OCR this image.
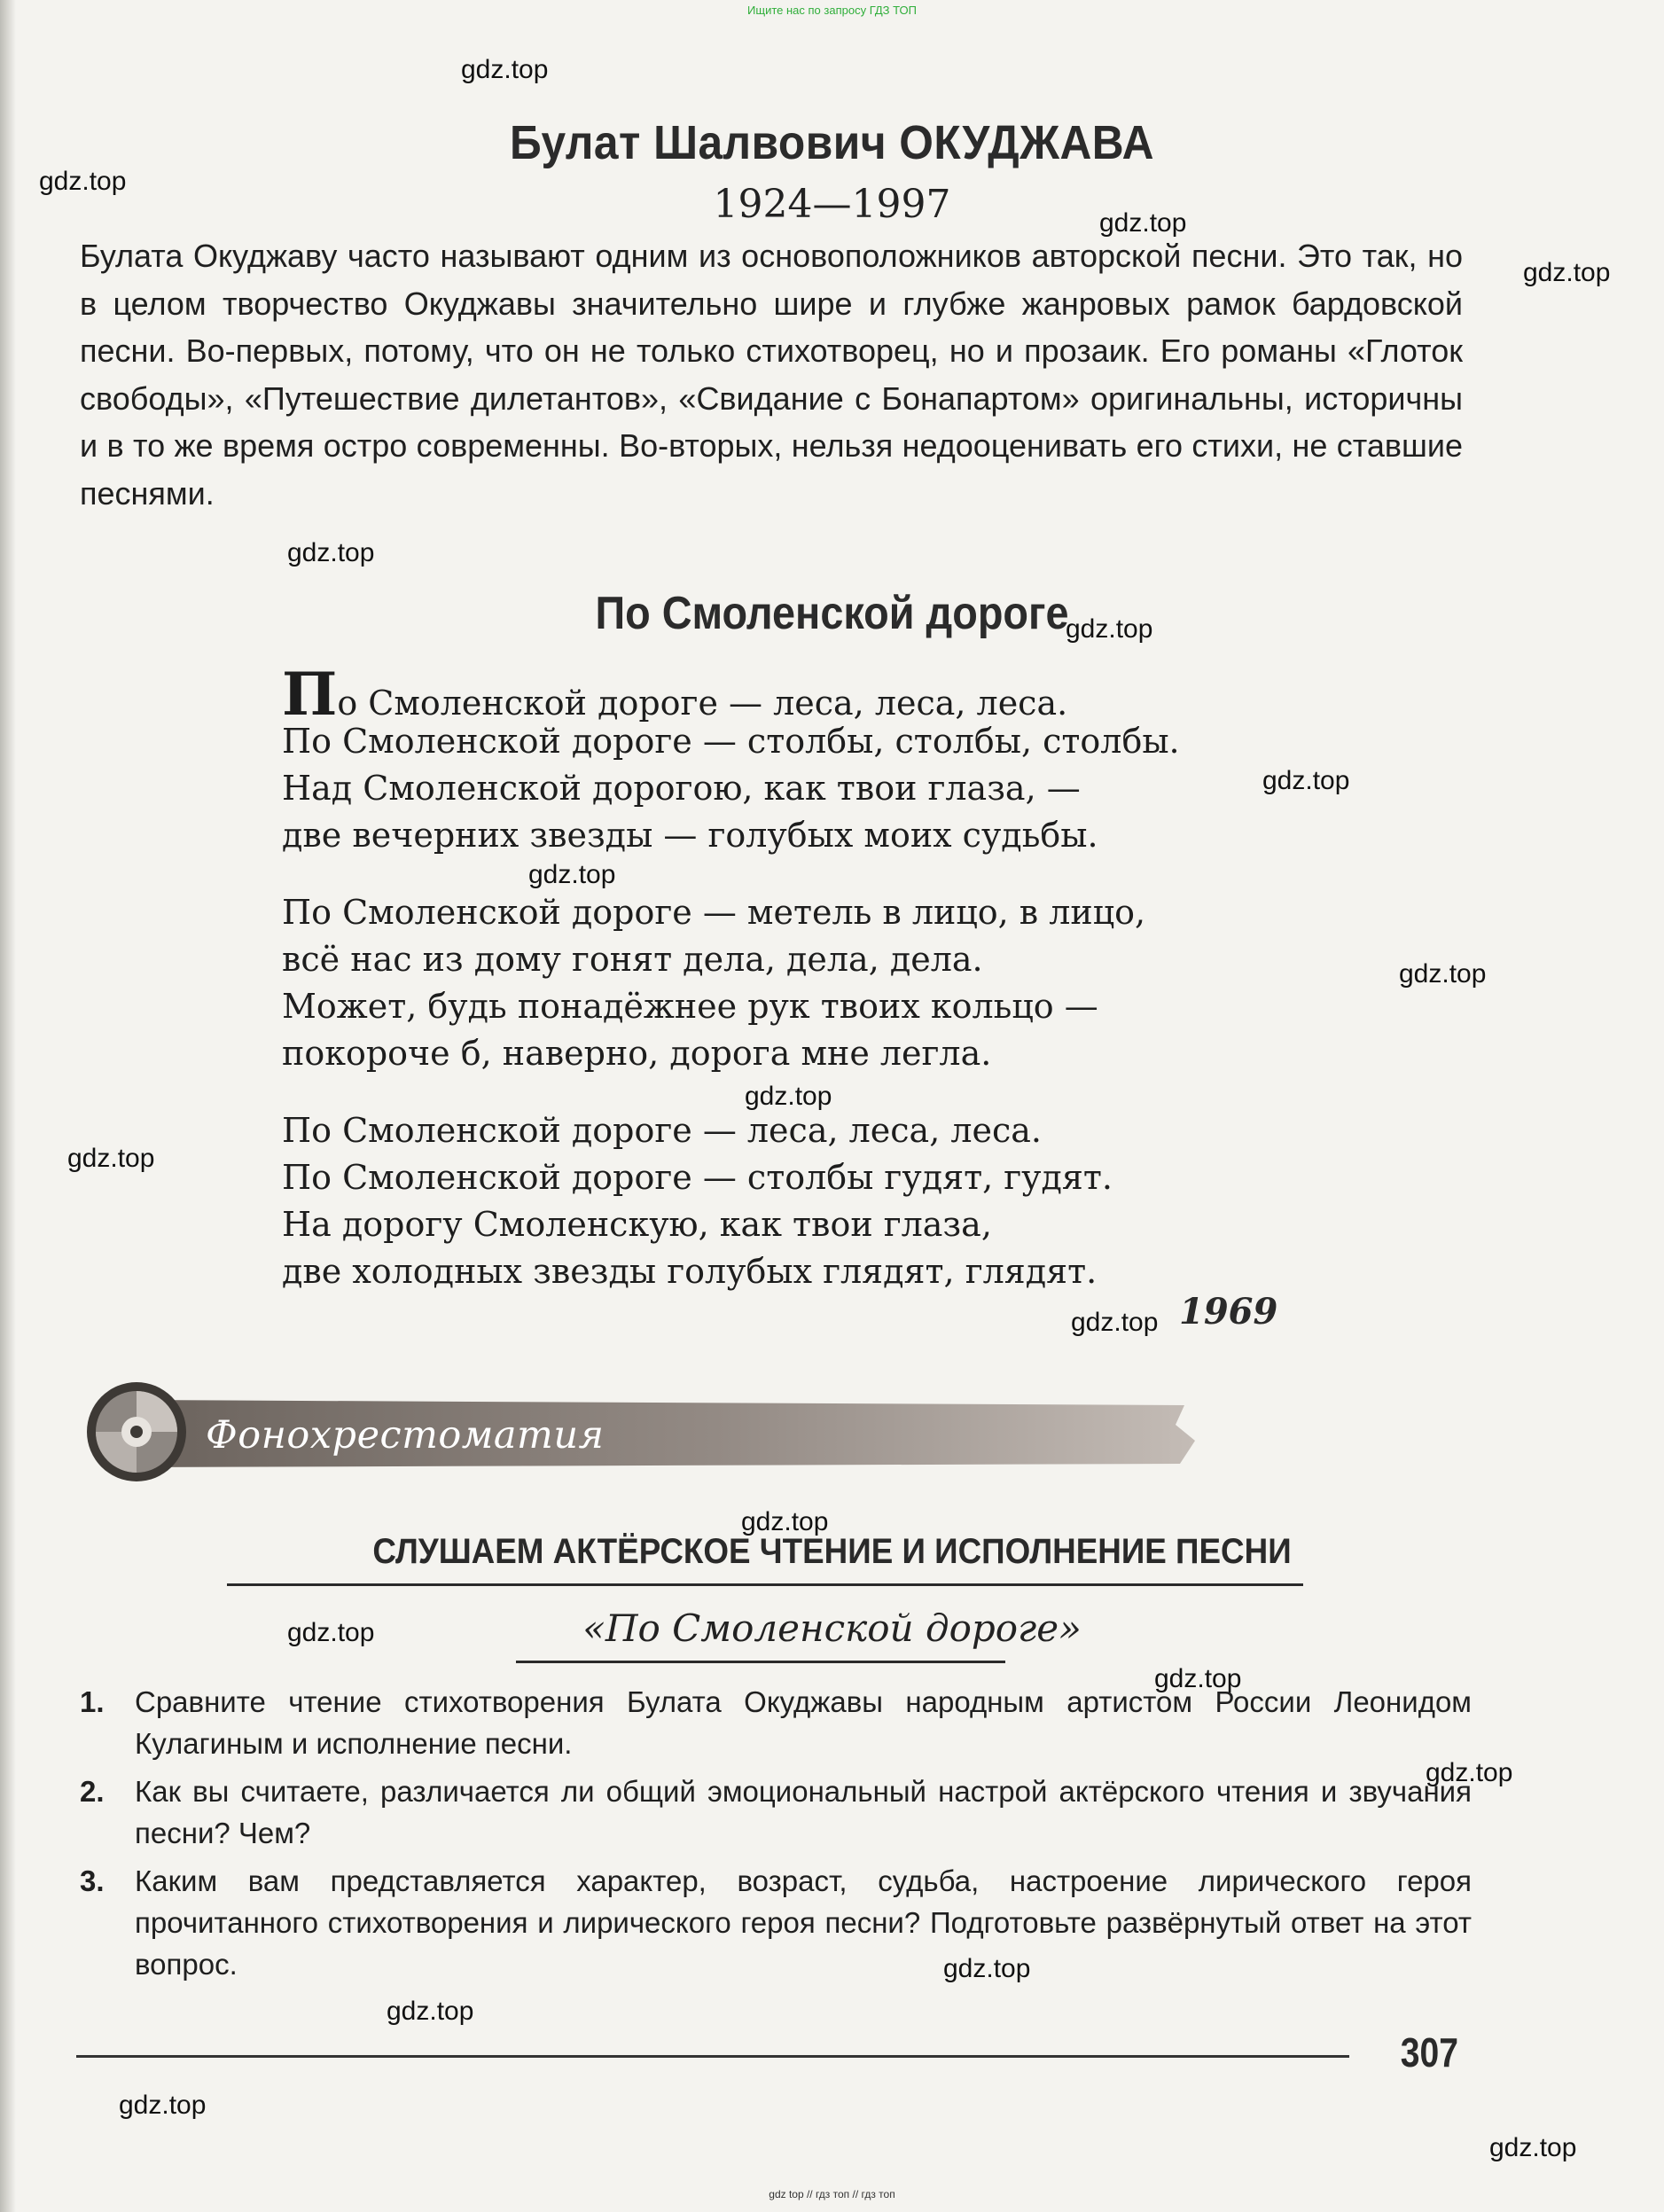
Ищите нас по запросу ГДЗ ТОП
gdz.top
gdz.top
gdz.top
gdz.top
gdz.top
gdz.top
gdz.top
gdz.top
gdz.top
gdz.top
gdz.top
gdz.top
gdz.top
gdz.top
gdz.top
gdz.top
gdz.top
gdz.top
gdz.top
gdz.top
Булат Шалвович ОКУДЖАВА
1924—1997
Булата Окуджаву часто называют одним из основоположников авторской песни. Это так, но в целом творчество Окуджавы значительно шире и глубже жанровых рамок бардовской песни. Во-первых, потому, что он не только стихотворец, но и прозаик. Его романы «Глоток свободы», «Путешествие дилетантов», «Свидание с Бонапартом» оригинальны, историчны и в то же время остро современны. Во-вторых, нельзя недооценивать его стихи, не ставшие песнями.
По Смоленской дороге
По Смоленской дороге — леса, леса, леса.
По Смоленской дороге — столбы, столбы, столбы.
Над Смоленской дорогою, как твои глаза, —
две вечерних звезды — голубых моих судьбы.
По Смоленской дороге — метель в лицо, в лицо,
всё нас из дому гонят дела, дела, дела.
Может, будь понадёжнее рук твоих кольцо —
покороче б, наверно, дорога мне легла.
По Смоленской дороге — леса, леса, леса.
По Смоленской дороге — столбы гудят, гудят.
На дорогу Смоленскую, как твои глаза,
две холодных звезды голубых глядят, глядят.
1969
Фонохрестоматия
СЛУШАЕМ АКТЁРСКОЕ ЧТЕНИЕ И ИСПОЛНЕНИЕ ПЕСНИ
«По Смоленской дороге»
1. Сравните чтение стихотворения Булата Окуджавы народным артистом России Леонидом Кулагиным и исполнение песни.
2. Как вы считаете, различается ли общий эмоциональный настрой актёрского чтения и звучания песни? Чем?
3. Каким вам представляется характер, возраст, судьба, настроение лирического героя прочитанного стихотворения и лирического героя песни? Подготовьте развёрнутый ответ на этот вопрос.
307
gdz top // гдз топ // гдз топ
